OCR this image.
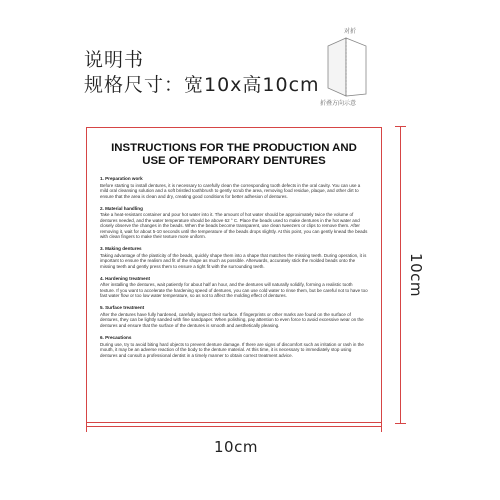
说明书
规格尺寸：宽10x高10cm
对折
折叠方向示意
INSTRUCTIONS FOR THE PRODUCTION AND USE OF TEMPORARY DENTURES
1. Preparation work
Before starting to install dentures, it is necessary to carefully clean the corresponding tooth defects in the oral cavity. You can use a mild oral cleansing solution and a soft bristled toothbrush to gently scrub the area, removing food residue, plaque, and other dirt to ensure that the area is clean and dry, creating good conditions for better adhesion of dentures.
2. Material handling
Take a heat-resistant container and pour hot water into it. The amount of hot water should be approximately twice the volume of dentures needed, and the water temperature should be above 62 ° C. Place the beads used to make dentures in the hot water and closely observe the changes in the beads. When the beads become transparent, use clean tweezers or clips to remove them. After removing it, wait for about 5-10 seconds until the temperature of the beads drops slightly. At this point, you can gently knead the beads with clean fingers to make their texture more uniform.
3. Making dentures
Taking advantage of the plasticity of the beads, quickly shape them into a shape that matches the missing teeth. During operation, it is important to ensure the realism and fit of the shape as much as possible. Afterwards, accurately stick the molded beads onto the missing teeth and gently press them to ensure a tight fit with the surrounding teeth.
4. Hardening treatment
After installing the dentures, wait patiently for about half an hour, and the dentures will naturally solidify, forming a realistic tooth texture. If you want to accelerate the hardening speed of dentures, you can use cold water to rinse them, but be careful not to have too fast water flow or too low water temperature, so as not to affect the molding effect of dentures.
5. Surface treatment
After the dentures have fully hardened, carefully inspect their surface. If fingerprints or other marks are found on the surface of dentures, they can be lightly sanded with fine sandpaper. When polishing, pay attention to even force to avoid excessive wear on the dentures and ensure that the surface of the dentures is smooth and aesthetically pleasing.
6. Precautions
During use, try to avoid biting hard objects to prevent denture damage. If there are signs of discomfort such as irritation or rash in the mouth, it may be an adverse reaction of the body to the denture material. At this time, it is necessary to immediately stop using dentures and consult a professional dentist in a timely manner to obtain correct treatment advice.
10cm
10cm
